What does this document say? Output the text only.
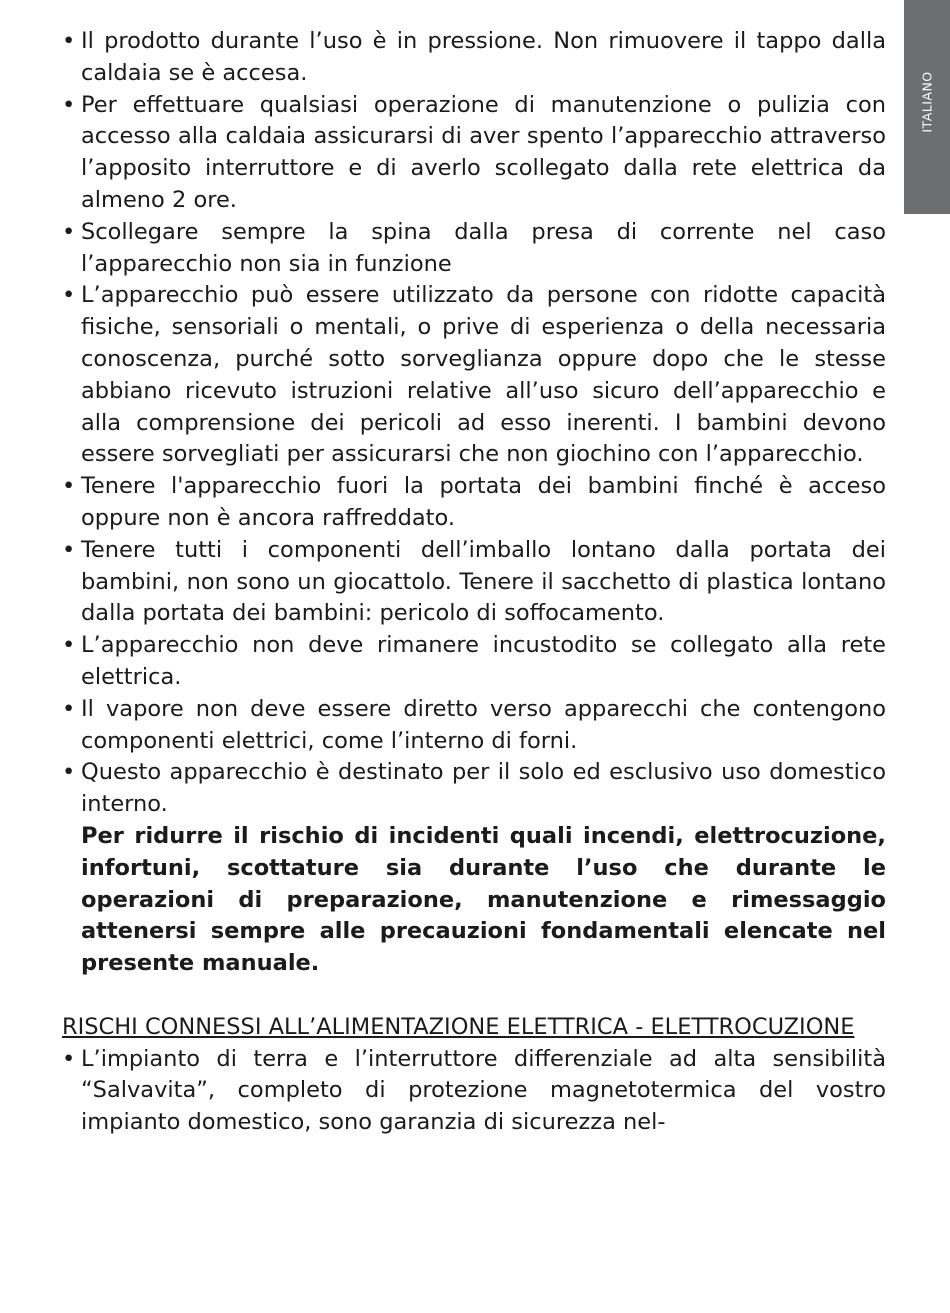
ITALIANO

• Il prodotto durante l’uso è in pressione. Non rimuovere il tappo dalla caldaia se è accesa.

• Per effettuare qualsiasi operazione di manutenzione o pulizia con accesso alla caldaia assicurarsi di aver spento l’apparecchio attraverso l’apposito interruttore e di averlo scollegato dalla rete elettrica da almeno 2 ore.

• Scollegare sempre la spina dalla presa di corrente nel caso l’apparecchio non sia in funzione

• L’apparecchio può essere utilizzato da persone con ridotte capacità fisiche, sensoriali o mentali, o prive di esperienza o della necessaria conoscenza, purché sotto sorveglianza oppure dopo che le stesse abbiano ricevuto istruzioni relative all’uso sicuro dell’apparecchio e alla comprensione dei pericoli ad esso inerenti. I bambini devono essere sorvegliati per assicurarsi che non giochino con l’apparecchio.

• Tenere l'apparecchio fuori la portata dei bambini finché è acceso oppure non è ancora raffreddato.

• Tenere tutti i componenti dell’imballo lontano dalla portata dei bambini, non sono un giocattolo. Tenere il sacchetto di plastica lontano dalla portata dei bambini: pericolo di soffocamento.

• L’apparecchio non deve rimanere incustodito se collegato alla rete elettrica.

• Il vapore non deve essere diretto verso apparecchi che contengono componenti elettrici, come l’interno di forni.

• Questo apparecchio è destinato per il solo ed esclusivo uso domestico interno.

Per ridurre il rischio di incidenti quali incendi, elettrocuzione, infortuni, scottature sia durante l’uso che durante le operazioni di preparazione, manutenzione e rimessaggio attenersi sempre alle precauzioni fondamentali elencate nel presente manuale.

RISCHI CONNESSI ALL’ALIMENTAZIONE ELETTRICA - ELETTROCUZIONE

• L’impianto di terra e l’interruttore differenziale ad alta sensibilità “Salvavita”, completo di protezione magnetotermica del vostro impianto domestico, sono garanzia di sicurezza nel-
